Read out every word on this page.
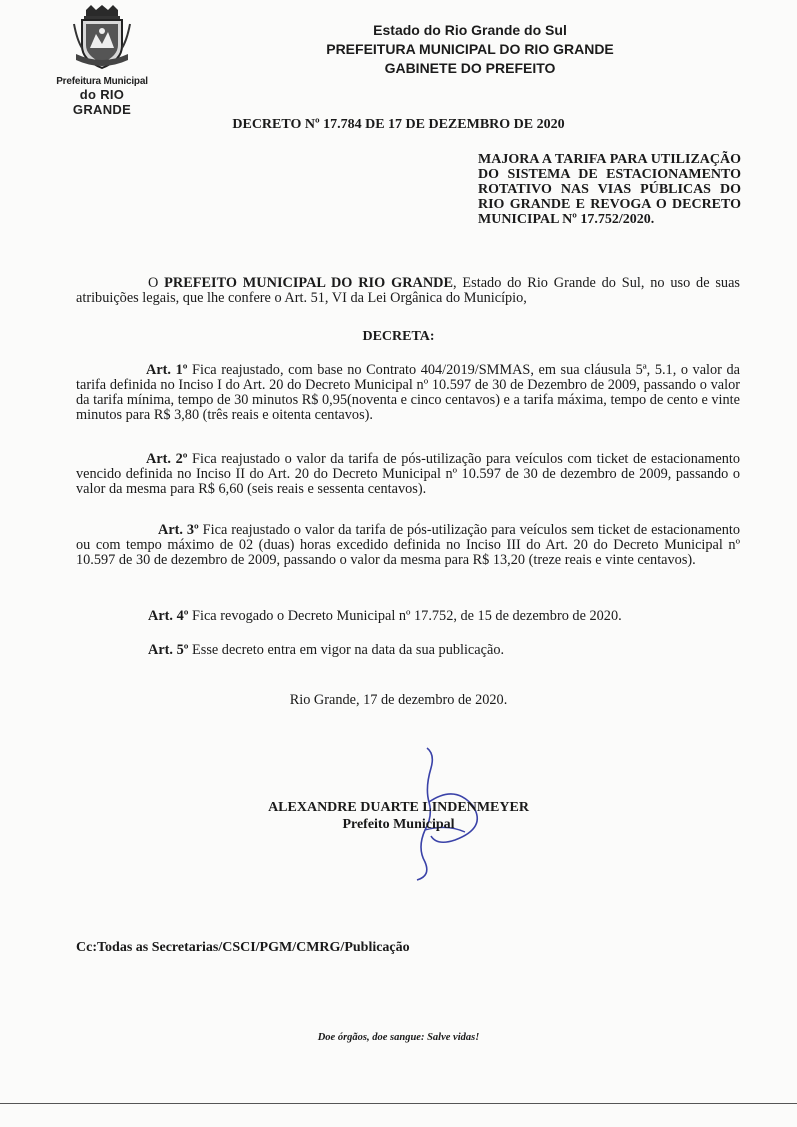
Prefeitura Municipal
do RIO GRANDE
Estado do Rio Grande do Sul
PREFEITURA MUNICIPAL DO RIO GRANDE
GABINETE DO PREFEITO
DECRETO Nº 17.784 DE 17 DE DEZEMBRO DE 2020
MAJORA A TARIFA PARA UTILIZAÇÃO DO SISTEMA DE ESTACIONAMENTO ROTATIVO NAS VIAS PÚBLICAS DO RIO GRANDE E REVOGA O DECRETO MUNICIPAL Nº 17.752/2020.
O PREFEITO MUNICIPAL DO RIO GRANDE, Estado do Rio Grande do Sul, no uso de suas atribuições legais, que lhe confere o Art. 51, VI da Lei Orgânica do Município,
DECRETA:
Art. 1º Fica reajustado, com base no Contrato 404/2019/SMMAS, em sua cláusula 5ª, 5.1, o valor da tarifa definida no Inciso I do Art. 20 do Decreto Municipal nº 10.597 de 30 de Dezembro de 2009, passando o valor da tarifa mínima, tempo de 30 minutos R$ 0,95(noventa e cinco centavos) e a tarifa máxima, tempo de cento e vinte minutos para R$ 3,80 (três reais e oitenta centavos).
Art. 2º Fica reajustado o valor da tarifa de pós-utilização para veículos com ticket de estacionamento vencido definida no Inciso II do Art. 20 do Decreto Municipal nº 10.597 de 30 de dezembro de 2009, passando o valor da mesma para R$ 6,60 (seis reais e sessenta centavos).
Art. 3º Fica reajustado o valor da tarifa de pós-utilização para veículos sem ticket de estacionamento ou com tempo máximo de 02 (duas) horas excedido definida no Inciso III do Art. 20 do Decreto Municipal nº 10.597 de 30 de dezembro de 2009, passando o valor da mesma para R$ 13,20 (treze reais e vinte centavos).
Art. 4º Fica revogado o Decreto Municipal nº 17.752, de 15 de dezembro de 2020.
Art. 5º Esse decreto entra em vigor na data da sua publicação.
Rio Grande, 17 de dezembro de 2020.
ALEXANDRE DUARTE LINDENMEYER
Prefeito Municipal
Cc:Todas as Secretarias/CSCI/PGM/CMRG/Publicação
Doe órgãos, doe sangue: Salve vidas!
